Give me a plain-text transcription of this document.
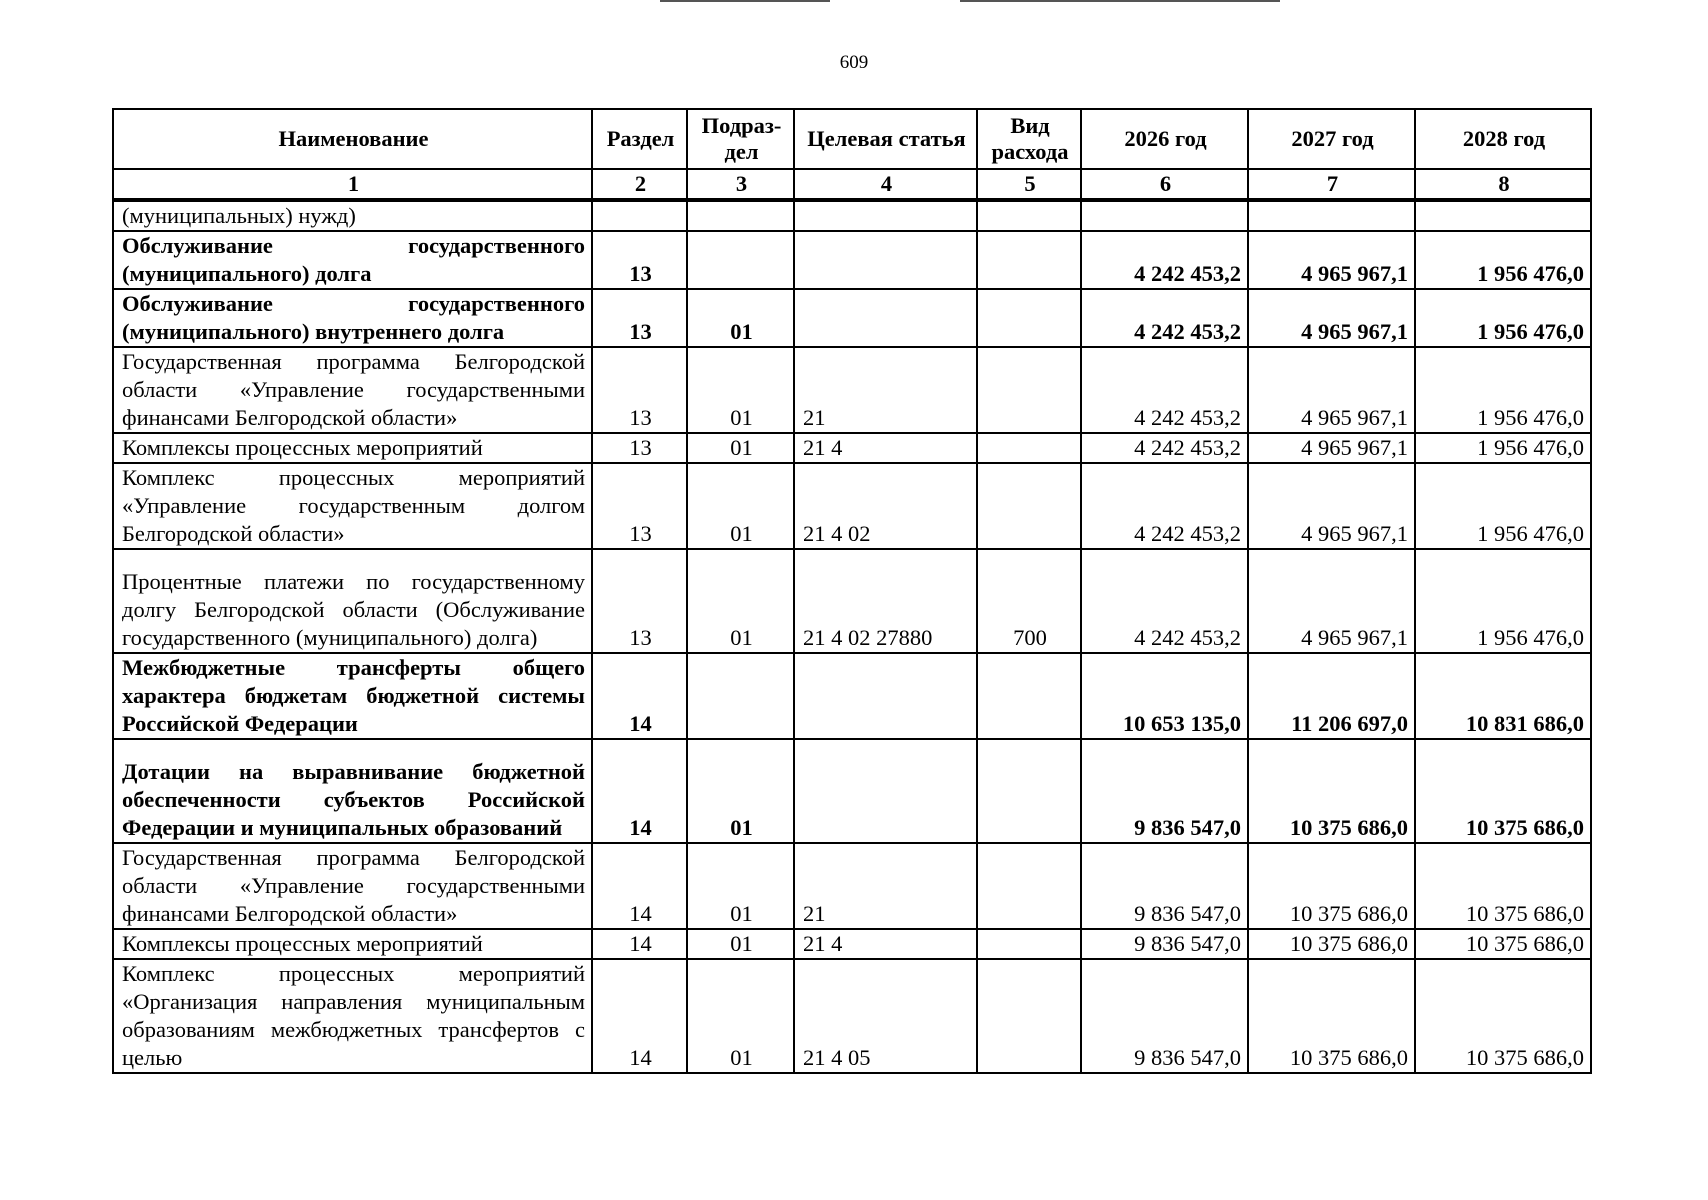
609
Наименование	Раздел	Подраз-дел	Целевая статья	Вид расхода	2026 год	2027 год	2028 год
1	2	3	4	5	6	7	8
(муниципальных) нужд)							
Обслуживание государственного (муниципального) долга	13				4 242 453,2	4 965 967,1	1 956 476,0
Обслуживание государственного (муниципального) внутреннего долга	13	01			4 242 453,2	4 965 967,1	1 956 476,0
Государственная программа Белгородской области «Управление государственными финансами Белгородской области»	13	01	21		4 242 453,2	4 965 967,1	1 956 476,0
Комплексы процессных мероприятий	13	01	21 4		4 242 453,2	4 965 967,1	1 956 476,0
Комплекс процессных мероприятий «Управление государственным долгом Белгородской области»	13	01	21 4 02		4 242 453,2	4 965 967,1	1 956 476,0
Процентные платежи по государственному долгу Белгородской области (Обслуживание государственного (муниципального) долга)	13	01	21 4 02 27880	700	4 242 453,2	4 965 967,1	1 956 476,0
Межбюджетные трансферты общего характера бюджетам бюджетной системы Российской Федерации	14				10 653 135,0	11 206 697,0	10 831 686,0
Дотации на выравнивание бюджетной обеспеченности субъектов Российской Федерации и муниципальных образований	14	01			9 836 547,0	10 375 686,0	10 375 686,0
Государственная программа Белгородской области «Управление государственными финансами Белгородской области»	14	01	21		9 836 547,0	10 375 686,0	10 375 686,0
Комплексы процессных мероприятий	14	01	21 4		9 836 547,0	10 375 686,0	10 375 686,0
Комплекс процессных мероприятий «Организация направления муниципальным образованиям межбюджетных трансфертов с целью	14	01	21 4 05		9 836 547,0	10 375 686,0	10 375 686,0
